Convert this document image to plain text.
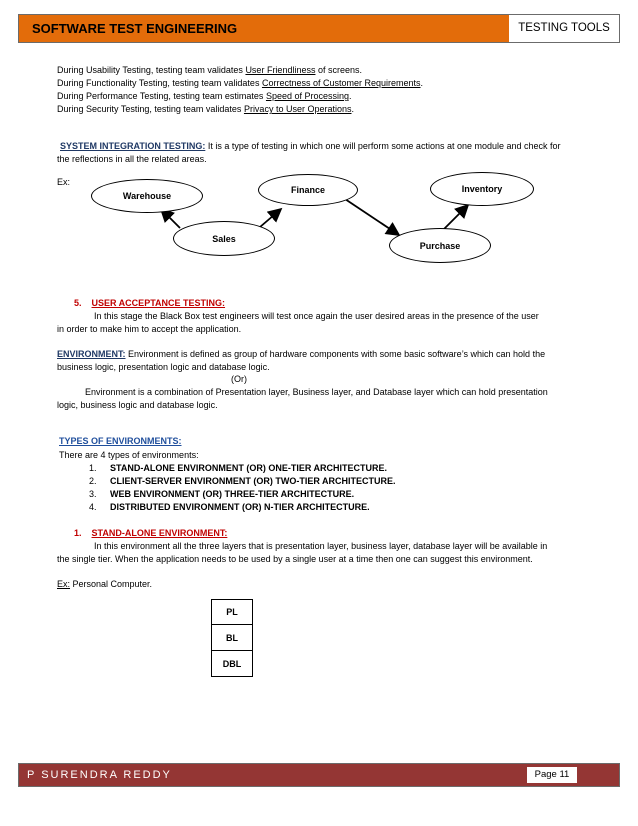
SOFTWARE TEST ENGINEERING	TESTING TOOLS
During Usability Testing, testing team validates User Friendliness of screens.
During Functionality Testing, testing team validates Correctness of Customer Requirements.
During Performance Testing, testing team estimates Speed of Processing.
During Security Testing, testing team validates Privacy to User Operations.
SYSTEM INTEGRATION TESTING: It is a type of testing in which one will perform some actions at one module and check for
the reflections in all the related areas.
Ex:
Warehouse
Finance	Inventory
Sales
Purchase
5. USER ACCEPTANCE TESTING:
In this stage the Black Box test engineers will test once again the user desired areas in the presence of the user
in order to make him to accept the application.
ENVIRONMENT: Environment is defined as group of hardware components with some basic software’s which can hold the
business logic, presentation logic and database logic.
(Or)
Environment is a combination of Presentation layer, Business layer, and Database layer which can hold presentation
logic, business logic and database logic.
TYPES OF ENVIRONMENTS:
There are 4 types of environments:
1. STAND-ALONE ENVIRONMENT (OR) ONE-TIER ARCHITECTURE.
2. CLIENT-SERVER ENVIRONMENT (OR) TWO-TIER ARCHITECTURE.
3. WEB ENVIRONMENT (OR) THREE-TIER ARCHITECTURE.
4. DISTRIBUTED ENVIRONMENT (OR) N-TIER ARCHITECTURE.
1. STAND-ALONE ENVIRONMENT:
In this environment all the three layers that is presentation layer, business layer, database layer will be available in
the single tier. When the application needs to be used by a single user at a time then one can suggest this environment.
Ex: Personal Computer.
PL
BL
DBL
P SURENDRA REDDY	Page 11
